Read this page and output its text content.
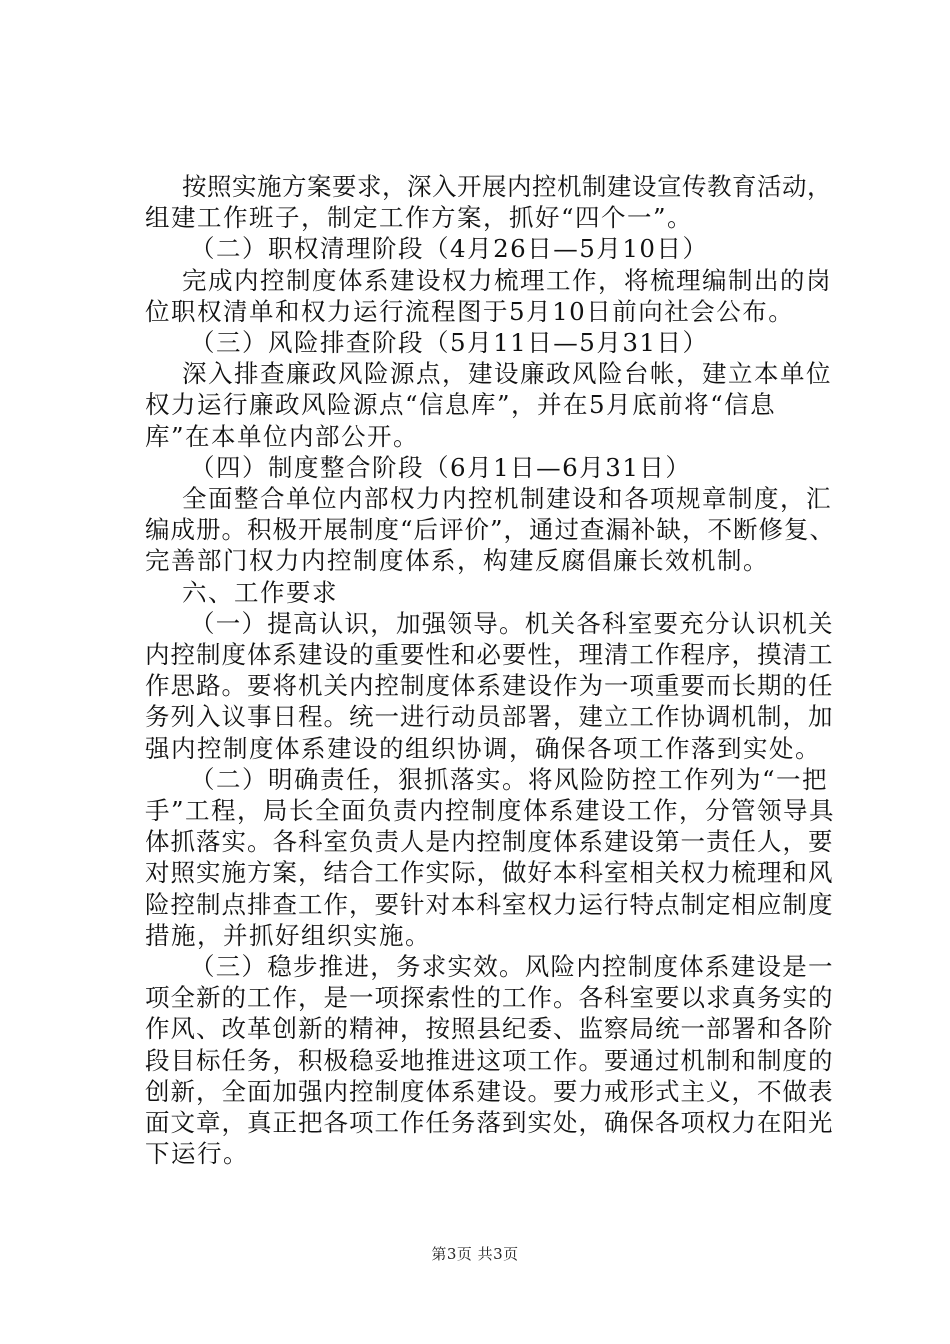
按照实施方案要求，深入开展内控机制建设宣传教育活动，
组建工作班子，制定工作方案，抓好“四个一”。
（二）职权清理阶段（4月26日—5月10日）
完成内控制度体系建设权力梳理工作，将梳理编制出的岗
位职权清单和权力运行流程图于5月10日前向社会公布。
（三）风险排查阶段（5月11日—5月31日）
深入排查廉政风险源点，建设廉政风险台帐，建立本单位
权力运行廉政风险源点“信息库”，并在5月底前将“信息
库”在本单位内部公开。
（四）制度整合阶段（6月1日—6月31日）
全面整合单位内部权力内控机制建设和各项规章制度，汇
编成册。积极开展制度“后评价”，通过查漏补缺，不断修复、
完善部门权力内控制度体系，构建反腐倡廉长效机制。
六、工作要求
（一）提高认识，加强领导。机关各科室要充分认识机关
内控制度体系建设的重要性和必要性，理清工作程序，摸清工
作思路。要将机关内控制度体系建设作为一项重要而长期的任
务列入议事日程。统一进行动员部署，建立工作协调机制，加
强内控制度体系建设的组织协调，确保各项工作落到实处。
（二）明确责任，狠抓落实。将风险防控工作列为“一把
手”工程，局长全面负责内控制度体系建设工作，分管领导具
体抓落实。各科室负责人是内控制度体系建设第一责任人，要
对照实施方案，结合工作实际，做好本科室相关权力梳理和风
险控制点排查工作，要针对本科室权力运行特点制定相应制度
措施，并抓好组织实施。
（三）稳步推进，务求实效。风险内控制度体系建设是一
项全新的工作，是一项探索性的工作。各科室要以求真务实的
作风、改革创新的精神，按照县纪委、监察局统一部署和各阶
段目标任务，积极稳妥地推进这项工作。要通过机制和制度的
创新，全面加强内控制度体系建设。要力戒形式主义，不做表
面文章，真正把各项工作任务落到实处，确保各项权力在阳光
下运行。
第3页 共3页
